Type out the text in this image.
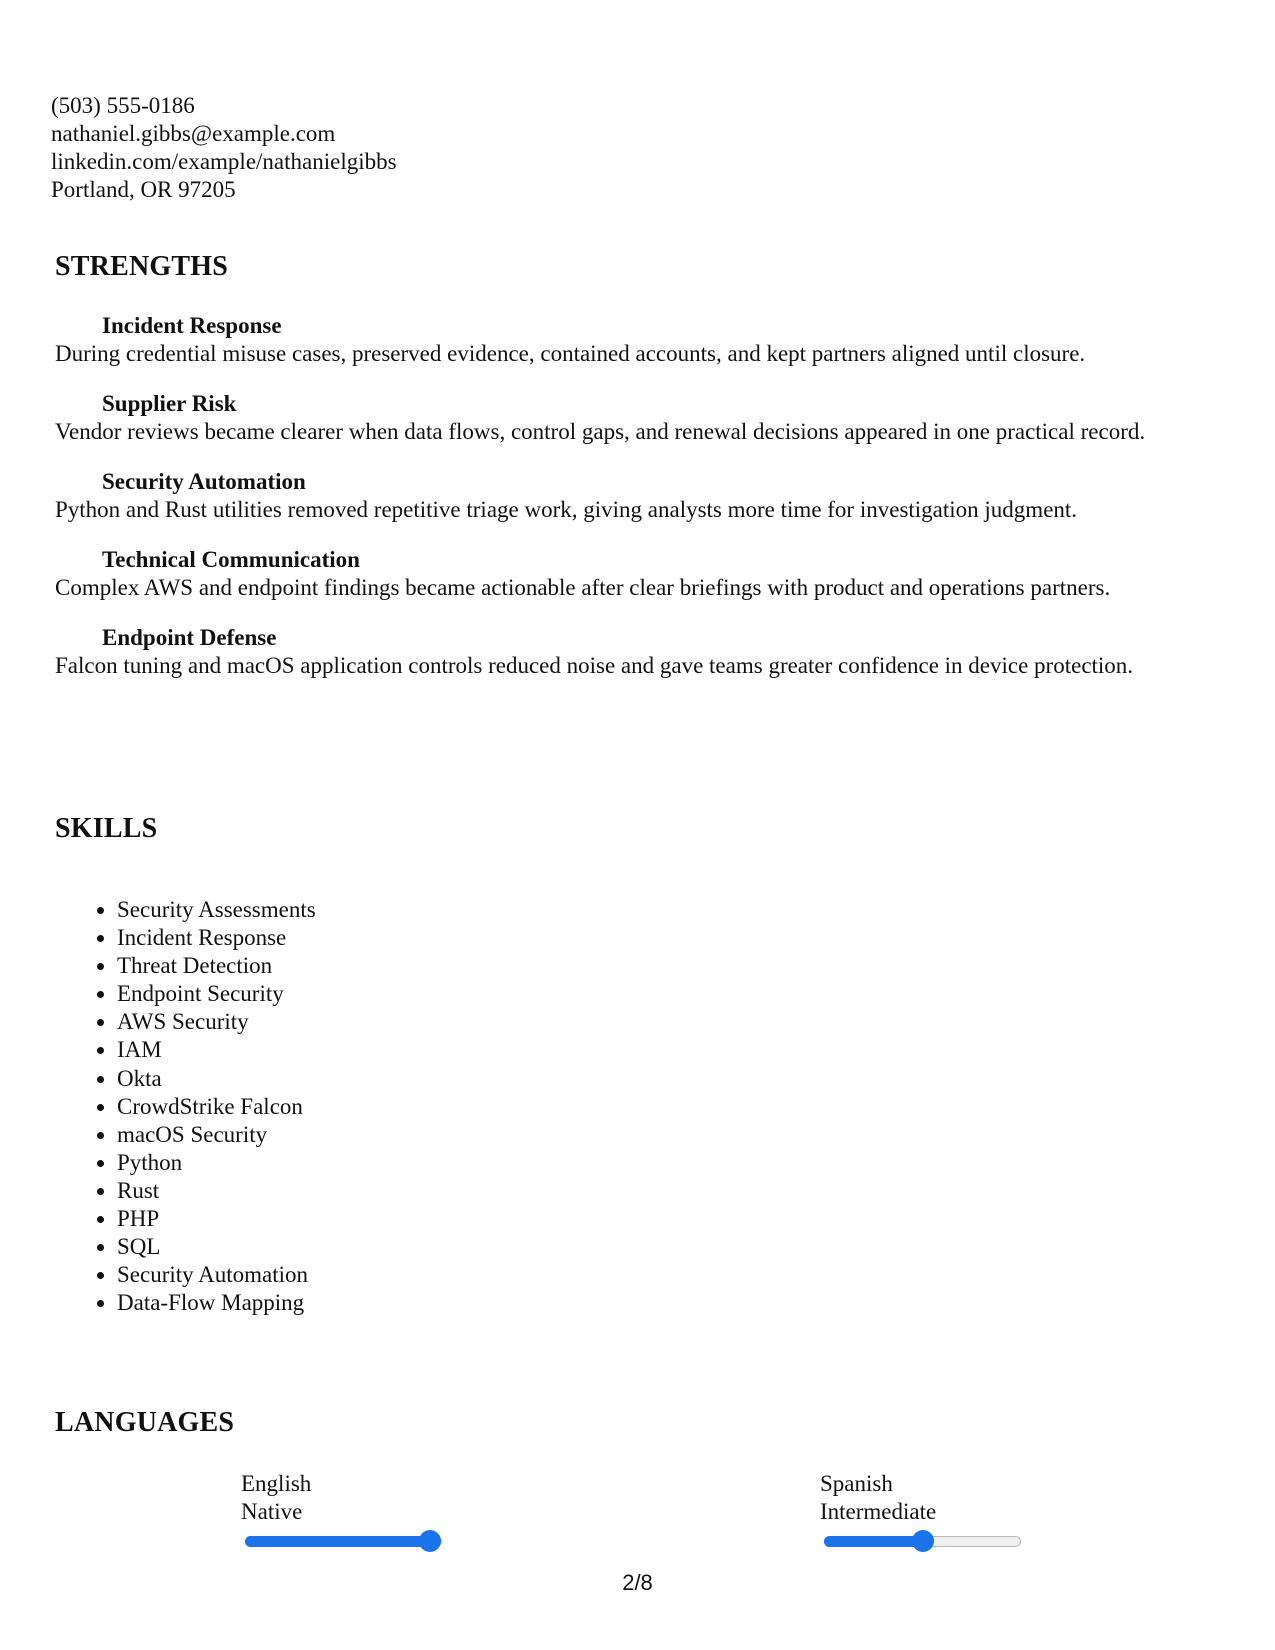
(503) 555-0186
nathaniel.gibbs@example.com
linkedin.com/example/nathanielgibbs
Portland, OR 97205
STRENGTHS
Incident Response
During credential misuse cases, preserved evidence, contained accounts, and kept partners aligned until closure.
Supplier Risk
Vendor reviews became clearer when data flows, control gaps, and renewal decisions appeared in one practical record.
Security Automation
Python and Rust utilities removed repetitive triage work, giving analysts more time for investigation judgment.
Technical Communication
Complex AWS and endpoint findings became actionable after clear briefings with product and operations partners.
Endpoint Defense
Falcon tuning and macOS application controls reduced noise and gave teams greater confidence in device protection.
SKILLS
• Security Assessments
• Incident Response
• Threat Detection
• Endpoint Security
• AWS Security
• IAM
• Okta
• CrowdStrike Falcon
• macOS Security
• Python
• Rust
• PHP
• SQL
• Security Automation
• Data-Flow Mapping
LANGUAGES
English
Native
Spanish
Intermediate
2/8
